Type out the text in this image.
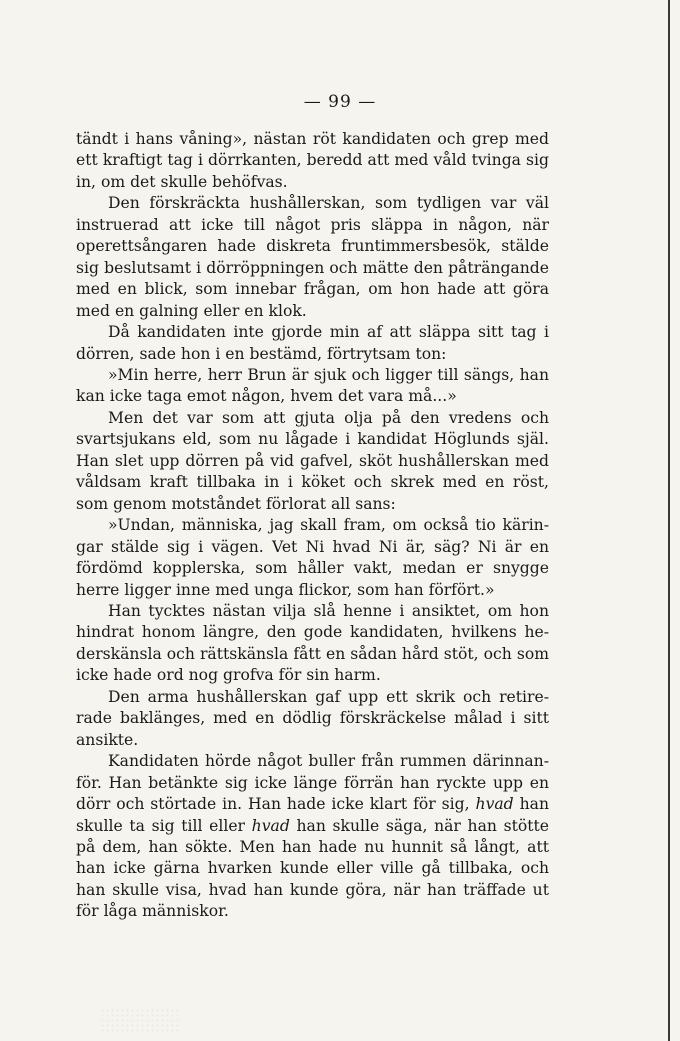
— 99 —

tändt i hans våning», nästan röt kandidaten och grep med ett kraftigt tag i dörrkanten, beredd att med våld tvinga sig in, om det skulle behöfvas.

Den förskräckta hushållerskan, som tydligen var väl instruerad att icke till något pris släppa in någon, när operettsångaren hade diskreta fruntimmersbesök, stälde sig beslutsamt i dörröppningen och mätte den påträngande med en blick, som innebar frågan, om hon hade att göra med en galning eller en klok.

Då kandidaten inte gjorde min af att släppa sitt tag i dörren, sade hon i en bestämd, förtrytsam ton:

»Min herre, herr Brun är sjuk och ligger till sängs, han kan icke taga emot någon, hvem det vara må...»

Men det var som att gjuta olja på den vredens och svartsjukans eld, som nu lågade i kandidat Höglunds själ. Han slet upp dörren på vid gafvel, sköt hushållerskan med våldsam kraft tillbaka in i köket och skrek med en röst, som genom motståndet förlorat all sans:

»Undan, människa, jag skall fram, om också tio kärin-gar stälde sig i vägen. Vet Ni hvad Ni är, säg? Ni är en fördömd kopplerska, som håller vakt, medan er snygge herre ligger inne med unga flickor, som han förfört.»

Han tycktes nästan vilja slå henne i ansiktet, om hon hindrat honom längre, den gode kandidaten, hvilkens he-derskänsla och rättskänsla fått en sådan hård stöt, och som icke hade ord nog grofva för sin harm.

Den arma hushållerskan gaf upp ett skrik och retire-rade baklänges, med en dödlig förskräckelse målad i sitt ansikte.

Kandidaten hörde något buller från rummen därinnan-för. Han betänkte sig icke länge förrän han ryckte upp en dörr och störtade in. Han hade icke klart för sig, hvad han skulle ta sig till eller hvad han skulle säga, när han stötte på dem, han sökte. Men han hade nu hunnit så långt, att han icke gärna hvarken kunde eller ville gå tillbaka, och han skulle visa, hvad han kunde göra, när han träffade ut för låga människor.
